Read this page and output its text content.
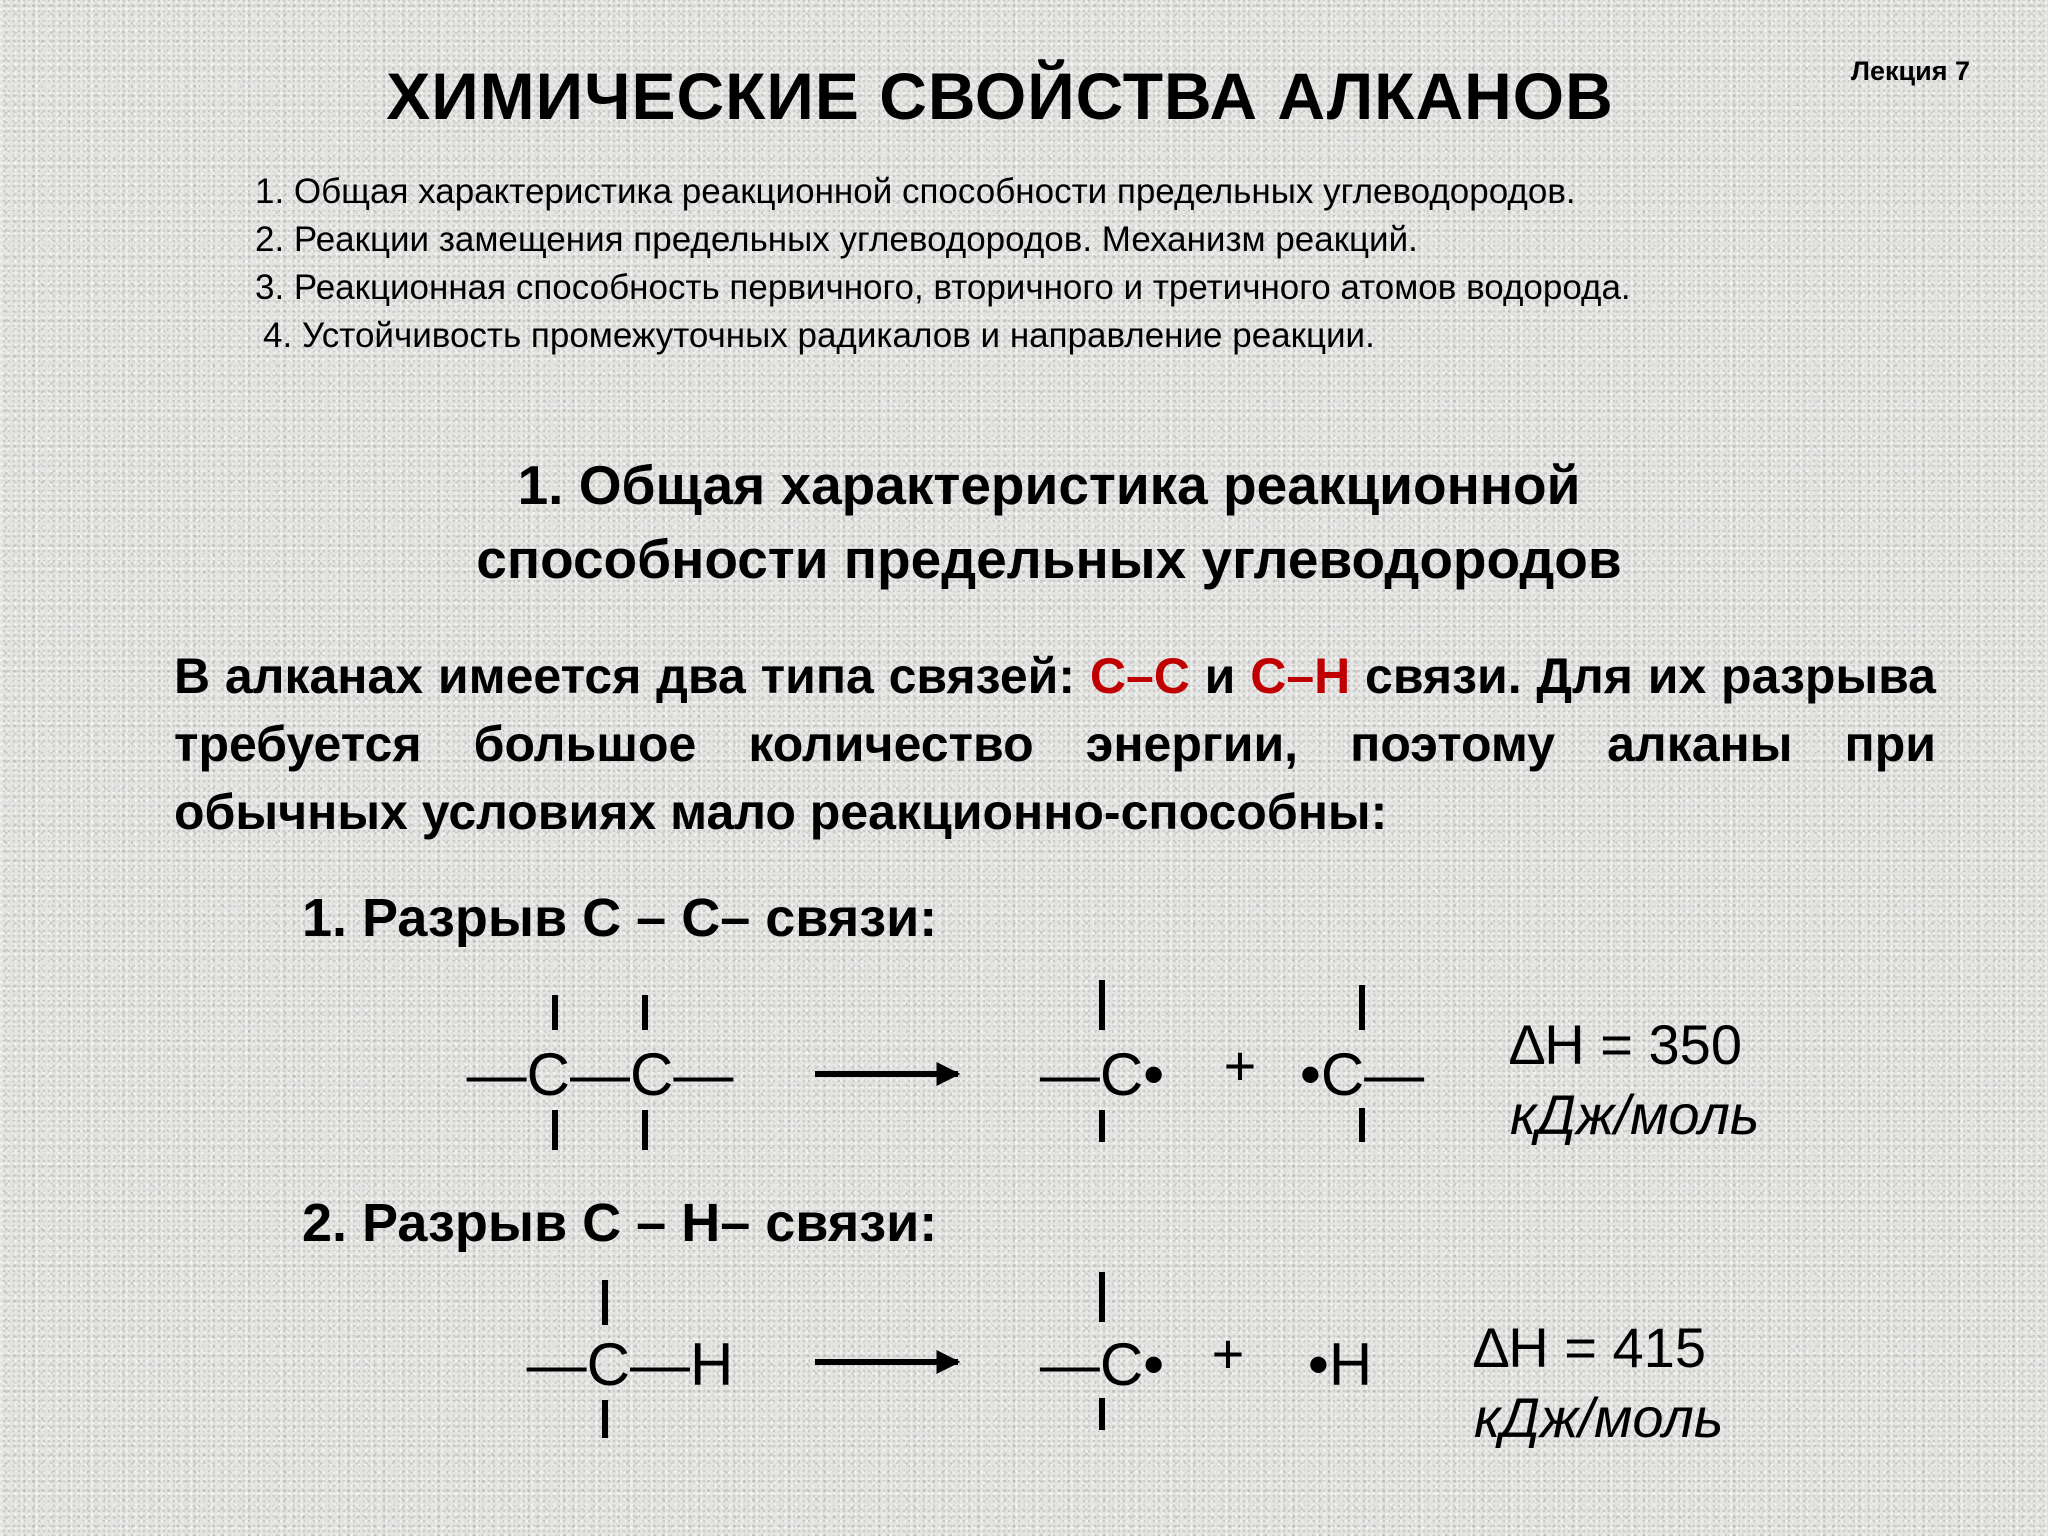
ХИМИЧЕСКИЕ СВОЙСТВА АЛКАНОВ	Лекция 7
1. Общая характеристика реакционной способности предельных углеводородов.
2. Реакции замещения предельных углеводородов. Механизм реакций.
3. Реакционная способность первичного, вторичного и третичного атомов водорода.
4. Устойчивость промежуточных радикалов и направление реакции.
1. Общая характеристика реакционной
способности предельных углеводородов
В алканах имеется два типа связей: C–C и C–H связи. Для их разрыва требуется большое количество энергии, поэтому алканы при обычных условиях мало реакционно-способны:
1. Разрыв С – С– связи:
2. Разрыв С – Н– связи:
∆H = 350
кДж/моль
∆H = 415
кДж/моль
—C—C—	—C• + •C—
—C—H	—C• + •H
